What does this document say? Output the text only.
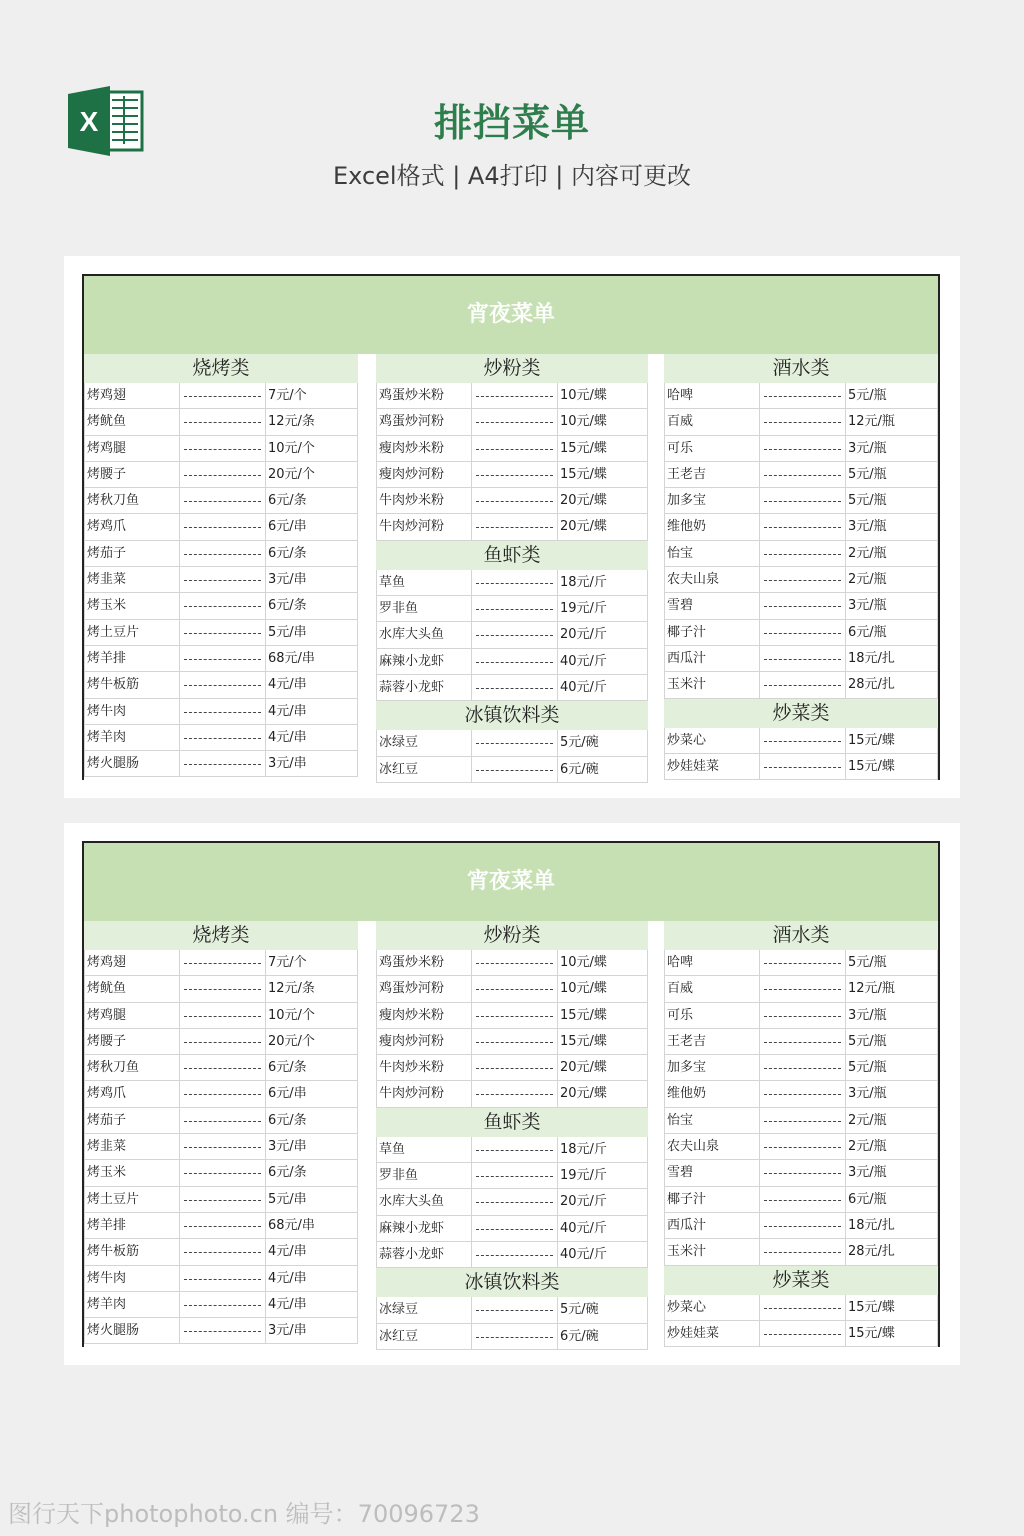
X	排挡菜单
Excel格式 | A4打印 | 内容可更改
宵夜菜单
烧烤类
烤鸡翅	7元/个
烤鱿鱼	12元/条
烤鸡腿	10元/个
烤腰子	20元/个
烤秋刀鱼	6元/条
烤鸡爪	6元/串
烤茄子	6元/条
烤韭菜	3元/串
烤玉米	6元/条
烤土豆片	5元/串
烤羊排	68元/串
烤牛板筋	4元/串
烤牛肉	4元/串
烤羊肉	4元/串
烤火腿肠	3元/串
炒粉类
鸡蛋炒米粉	10元/蝶
鸡蛋炒河粉	10元/蝶
瘦肉炒米粉	15元/蝶
瘦肉炒河粉	15元/蝶
牛肉炒米粉	20元/蝶
牛肉炒河粉	20元/蝶
鱼虾类
草鱼	18元/斤
罗非鱼	19元/斤
水库大头鱼	20元/斤
麻辣小龙虾	40元/斤
蒜蓉小龙虾	40元/斤
冰镇饮料类
冰绿豆	5元/碗
冰红豆	6元/碗
酒水类
哈啤	5元/瓶
百威	12元/瓶
可乐	3元/瓶
王老吉	5元/瓶
加多宝	5元/瓶
维他奶	3元/瓶
怡宝	2元/瓶
农夫山泉	2元/瓶
雪碧	3元/瓶
椰子汁	6元/瓶
西瓜汁	18元/扎
玉米汁	28元/扎
炒菜类
炒菜心	15元/蝶
炒娃娃菜	15元/蝶
宵夜菜单
烧烤类
烤鸡翅	7元/个
烤鱿鱼	12元/条
烤鸡腿	10元/个
烤腰子	20元/个
烤秋刀鱼	6元/条
烤鸡爪	6元/串
烤茄子	6元/条
烤韭菜	3元/串
烤玉米	6元/条
烤土豆片	5元/串
烤羊排	68元/串
烤牛板筋	4元/串
烤牛肉	4元/串
烤羊肉	4元/串
烤火腿肠	3元/串
炒粉类
鸡蛋炒米粉	10元/蝶
鸡蛋炒河粉	10元/蝶
瘦肉炒米粉	15元/蝶
瘦肉炒河粉	15元/蝶
牛肉炒米粉	20元/蝶
牛肉炒河粉	20元/蝶
鱼虾类
草鱼	18元/斤
罗非鱼	19元/斤
水库大头鱼	20元/斤
麻辣小龙虾	40元/斤
蒜蓉小龙虾	40元/斤
冰镇饮料类
冰绿豆	5元/碗
冰红豆	6元/碗
酒水类
哈啤	5元/瓶
百威	12元/瓶
可乐	3元/瓶
王老吉	5元/瓶
加多宝	5元/瓶
维他奶	3元/瓶
怡宝	2元/瓶
农夫山泉	2元/瓶
雪碧	3元/瓶
椰子汁	6元/瓶
西瓜汁	18元/扎
玉米汁	28元/扎
炒菜类
炒菜心	15元/蝶
炒娃娃菜	15元/蝶
图行天下photophoto.cn 编号：70096723
